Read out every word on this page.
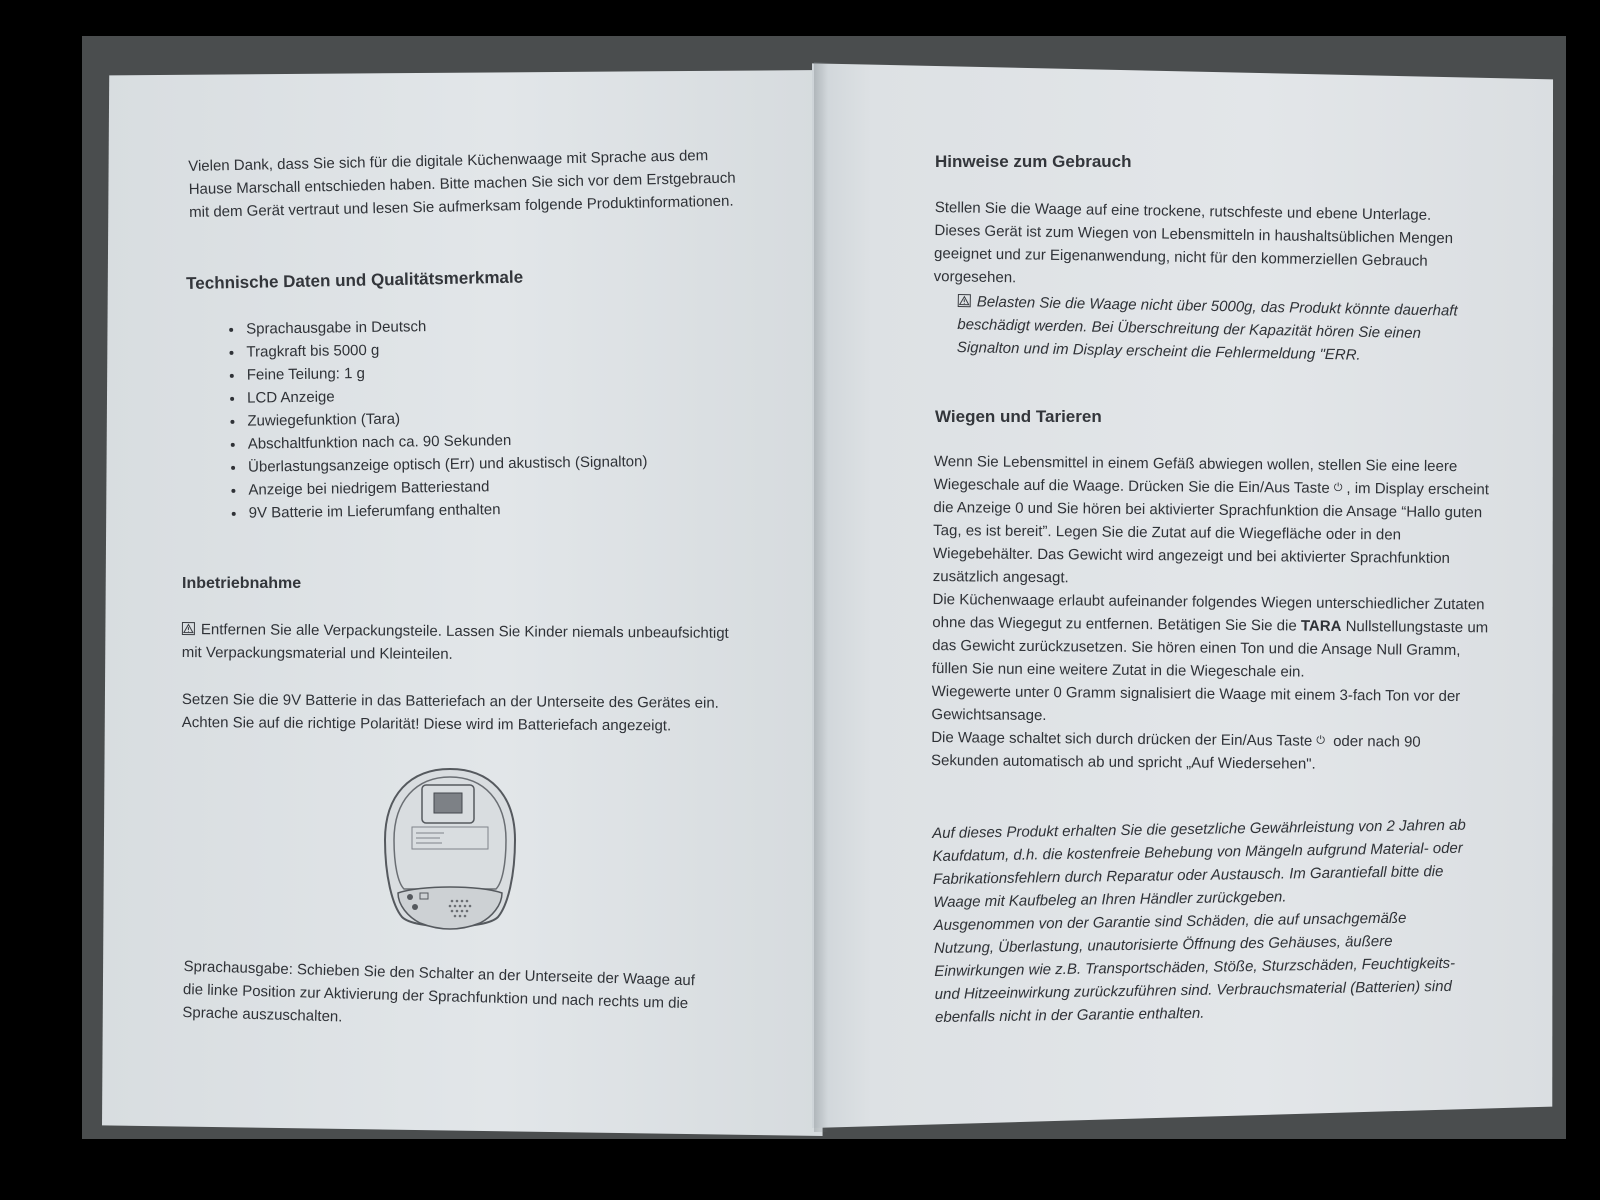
Vielen Dank, dass Sie sich für die digitale Küchenwaage mit Sprache aus dem Hause Marschall entschieden haben. Bitte machen Sie sich vor dem Erstgebrauch mit dem Gerät vertraut und lesen Sie aufmerksam folgende Produktinformationen.
Technische Daten und Qualitätsmerkmale
• Sprachausgabe in Deutsch
• Tragkraft bis 5000 g
• Feine Teilung: 1 g
• LCD Anzeige
• Zuwiegefunktion (Tara)
• Abschaltfunktion nach ca. 90 Sekunden
• Überlastungsanzeige optisch (Err) und akustisch (Signalton)
• Anzeige bei niedrigem Batteriestand
• 9V Batterie im Lieferumfang enthalten
Inbetriebnahme
Entfernen Sie alle Verpackungsteile. Lassen Sie Kinder niemals unbeaufsichtigt mit Verpackungsmaterial und Kleinteilen.
Setzen Sie die 9V Batterie in das Batteriefach an der Unterseite des Gerätes ein. Achten Sie auf die richtige Polarität! Diese wird im Batteriefach angezeigt.
Sprachausgabe: Schieben Sie den Schalter an der Unterseite der Waage auf die linke Position zur Aktivierung der Sprachfunktion und nach rechts um die Sprache auszuschalten.
Hinweise zum Gebrauch
Stellen Sie die Waage auf eine trockene, rutschfeste und ebene Unterlage. Dieses Gerät ist zum Wiegen von Lebensmitteln in haushaltsüblichen Mengen geeignet und zur Eigenanwendung, nicht für den kommerziellen Gebrauch vorgesehen.
Belasten Sie die Waage nicht über 5000g, das Produkt könnte dauerhaft beschädigt werden. Bei Überschreitung der Kapazität hören Sie einen Signalton und im Display erscheint die Fehlermeldung "ERR.
Wiegen und Tarieren
Wenn Sie Lebensmittel in einem Gefäß abwiegen wollen, stellen Sie eine leere Wiegeschale auf die Waage. Drücken Sie die Ein/Aus Taste ⏻ , im Display erscheint die Anzeige 0 und Sie hören bei aktivierter Sprachfunktion die Ansage “Hallo guten Tag, es ist bereit”. Legen Sie die Zutat auf die Wiegefläche oder in den Wiegebehälter. Das Gewicht wird angezeigt und bei aktivierter Sprachfunktion zusätzlich angesagt.
Die Küchenwaage erlaubt aufeinander folgendes Wiegen unterschiedlicher Zutaten ohne das Wiegegut zu entfernen. Betätigen Sie Sie die TARA Nullstellungstaste um das Gewicht zurückzusetzen. Sie hören einen Ton und die Ansage Null Gramm, füllen Sie nun eine weitere Zutat in die Wiegeschale ein.
Wiegewerte unter 0 Gramm signalisiert die Waage mit einem 3-fach Ton vor der Gewichtsansage.
Die Waage schaltet sich durch drücken der Ein/Aus Taste ⏻ oder nach 90 Sekunden automatisch ab und spricht „Auf Wiedersehen".
Auf dieses Produkt erhalten Sie die gesetzliche Gewährleistung von 2 Jahren ab Kaufdatum, d.h. die kostenfreie Behebung von Mängeln aufgrund Material- oder Fabrikationsfehlern durch Reparatur oder Austausch. Im Garantiefall bitte die Waage mit Kaufbeleg an Ihren Händler zurückgeben.
Ausgenommen von der Garantie sind Schäden, die auf unsachgemäße Nutzung, Überlastung, unautorisierte Öffnung des Gehäuses, äußere Einwirkungen wie z.B. Transportschäden, Stöße, Sturzschäden, Feuchtigkeits- und Hitzeeinwirkung zurückzuführen sind. Verbrauchsmaterial (Batterien) sind ebenfalls nicht in der Garantie enthalten.
